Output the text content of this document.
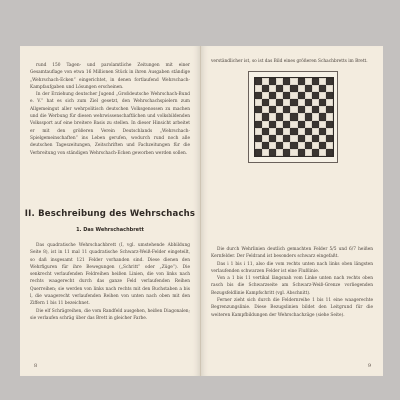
rund 150 Tagen- und parolamtliche Zeitungen mit einer Gesamtauflage von etwa 16 Millionen Stück in ihren Ausgaben ständige „Wehrschach-Ecken“ eingerichtet, in denen fortlaufend Wehrschach-Kampfaufgaben und Lösungen erscheinen.

In der Erziehung deutscher Jugend „Großdeutsche Wehrschach-Bund e. V.“ hat es sich zum Ziel gesetzt, den Wehrschachspielern zum Allgemeingut aller wehrpolitisch deutschen Volksgenossen zu machen und die Werbung für diesen wehrwissenschaftlichen und volksbildenden Volkssport auf eine breitere Basis zu stellen. In dieser Hinsicht arbeitet er mit den größeren Verein Deutschlands „Wehrschach-Spielgemeinschaften“ ins Leben gerufen, wodurch rund noch alle deutschen Tageszeitungen, Zeitschriften und Fachzeitungen für die Verbreitung von ständigen Wehrschach-Ecken geworben werden sollen.

II. Beschreibung des Wehrschachs
1. Das Wehrschachbrett

Das quadratische Wehrschachbrett (I, vgl. umstehende Abbildung Seite 8), ist in 11 mal 11 quadratische Schwarz-Weiß-Felder eingeteilt, so daß insgesamt 121 Felder vorhanden sind. Diese dienen den Wehrfiguren für ihre Bewegungen („Schritt“ oder „Züge“). Die senkrecht verlaufenden Feldreihen heißen Linien, die von links nach rechts waagerecht durch das ganze Feld verlaufenden Reihen Querreihen; sie werden von links nach rechts mit den Buchstaben a bis l, die waagerecht verlaufenden Reihen von unten nach oben mit den Ziffern 1 bis 11 bezeichnet.

Die elf Schrägreihen, die vom Randfeld ausgehen, heißen Diagonalen; sie verlaufen schräg über das Brett in gleicher Farbe.

8
verständlicher ist, so ist das Bild eines größeren Schachbretts im Brett.

Die durch Wehrlinien deutlich gemachten Felder 5/5 und 6/7 heißen Kernfelder. Der Feldrand ist besonders schwarz eingefaßt.

Das i 1 bis i 11, also die vom rechts unten nach links oben längsten verlaufenden schwarzen Felder ist eine Flußlinie.

Von a 1 bis 11 vertikal längsnah vom Linke unten nach rechts oben rasch bis die Schwarzseite am Schwarz-Weiß-Grenze vorliegenden Bezugsfeldlinie Kampfschritt (vgl. Abschnitt).

Ferner zieht sich durch die Feldernreihe 1 bis 11 eine waagerechte Begrenzungslinie. Diese Bezugslinien bildet den Leitgrund für die weiteren Kampfbildungen der Wehrschachzüge (siehe Seite).

9
